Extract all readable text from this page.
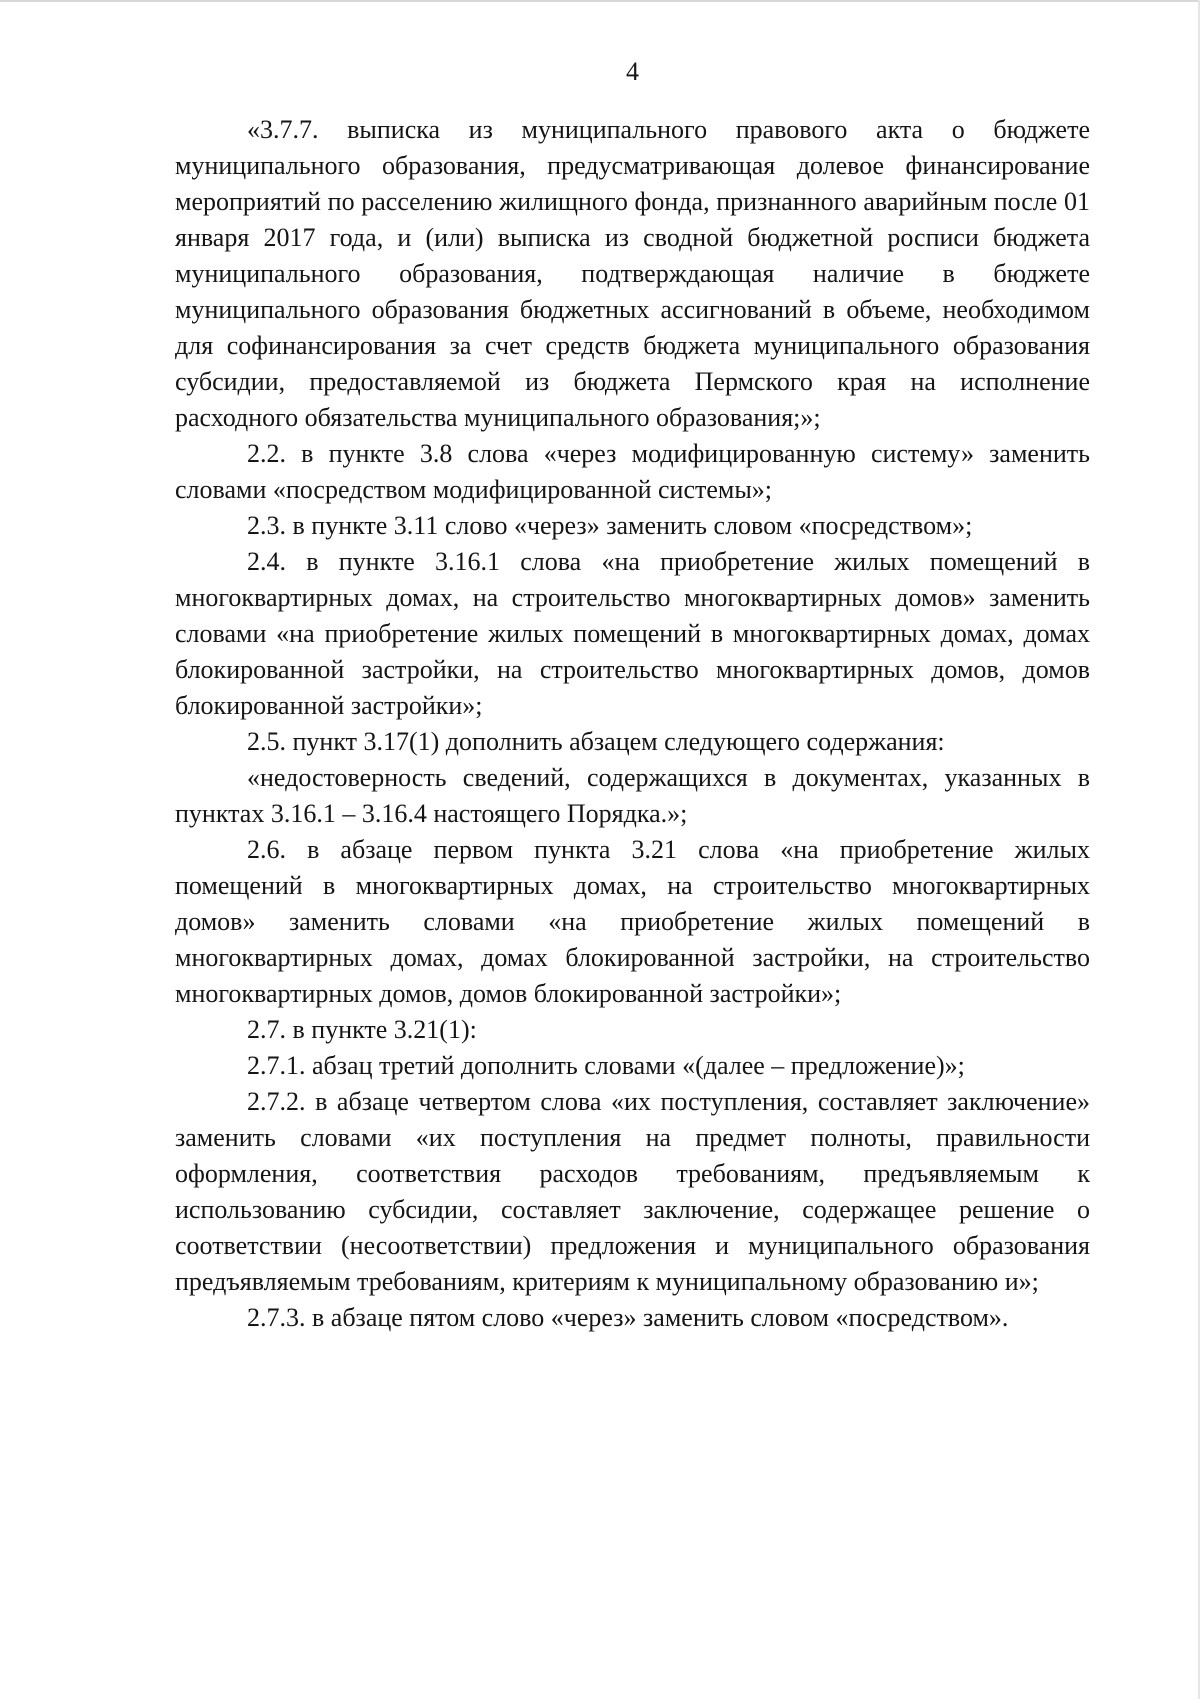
4

«3.7.7. выписка из муниципального правового акта о бюджете муниципального образования, предусматривающая долевое финансирование мероприятий по расселению жилищного фонда, признанного аварийным после 01 января 2017 года, и (или) выписка из сводной бюджетной росписи бюджета муниципального образования, подтверждающая наличие в бюджете муниципального образования бюджетных ассигнований в объеме, необходимом для софинансирования за счет средств бюджета муниципального образования субсидии, предоставляемой из бюджета Пермского края на исполнение расходного обязательства муниципального образования;»;

2.2. в пункте 3.8 слова «через модифицированную систему» заменить словами «посредством модифицированной системы»;

2.3. в пункте 3.11 слово «через» заменить словом «посредством»;

2.4. в пункте 3.16.1 слова «на приобретение жилых помещений в многоквартирных домах, на строительство многоквартирных домов» заменить словами «на приобретение жилых помещений в многоквартирных домах, домах блокированной застройки, на строительство многоквартирных домов, домов блокированной застройки»;

2.5. пункт 3.17(1) дополнить абзацем следующего содержания:

«недостоверность сведений, содержащихся в документах, указанных в пунктах 3.16.1 – 3.16.4 настоящего Порядка.»;

2.6. в абзаце первом пункта 3.21 слова «на приобретение жилых помещений в многоквартирных домах, на строительство многоквартирных домов» заменить словами «на приобретение жилых помещений в многоквартирных домах, домах блокированной застройки, на строительство многоквартирных домов, домов блокированной застройки»;

2.7. в пункте 3.21(1):

2.7.1. абзац третий дополнить словами «(далее – предложение)»;

2.7.2. в абзаце четвертом слова «их поступления, составляет заключение» заменить словами «их поступления на предмет полноты, правильности оформления, соответствия расходов требованиям, предъявляемым к использованию субсидии, составляет заключение, содержащее решение о соответствии (несоответствии) предложения и муниципального образования предъявляемым требованиям, критериям к муниципальному образованию и»;

2.7.3. в абзаце пятом слово «через» заменить словом «посредством».
